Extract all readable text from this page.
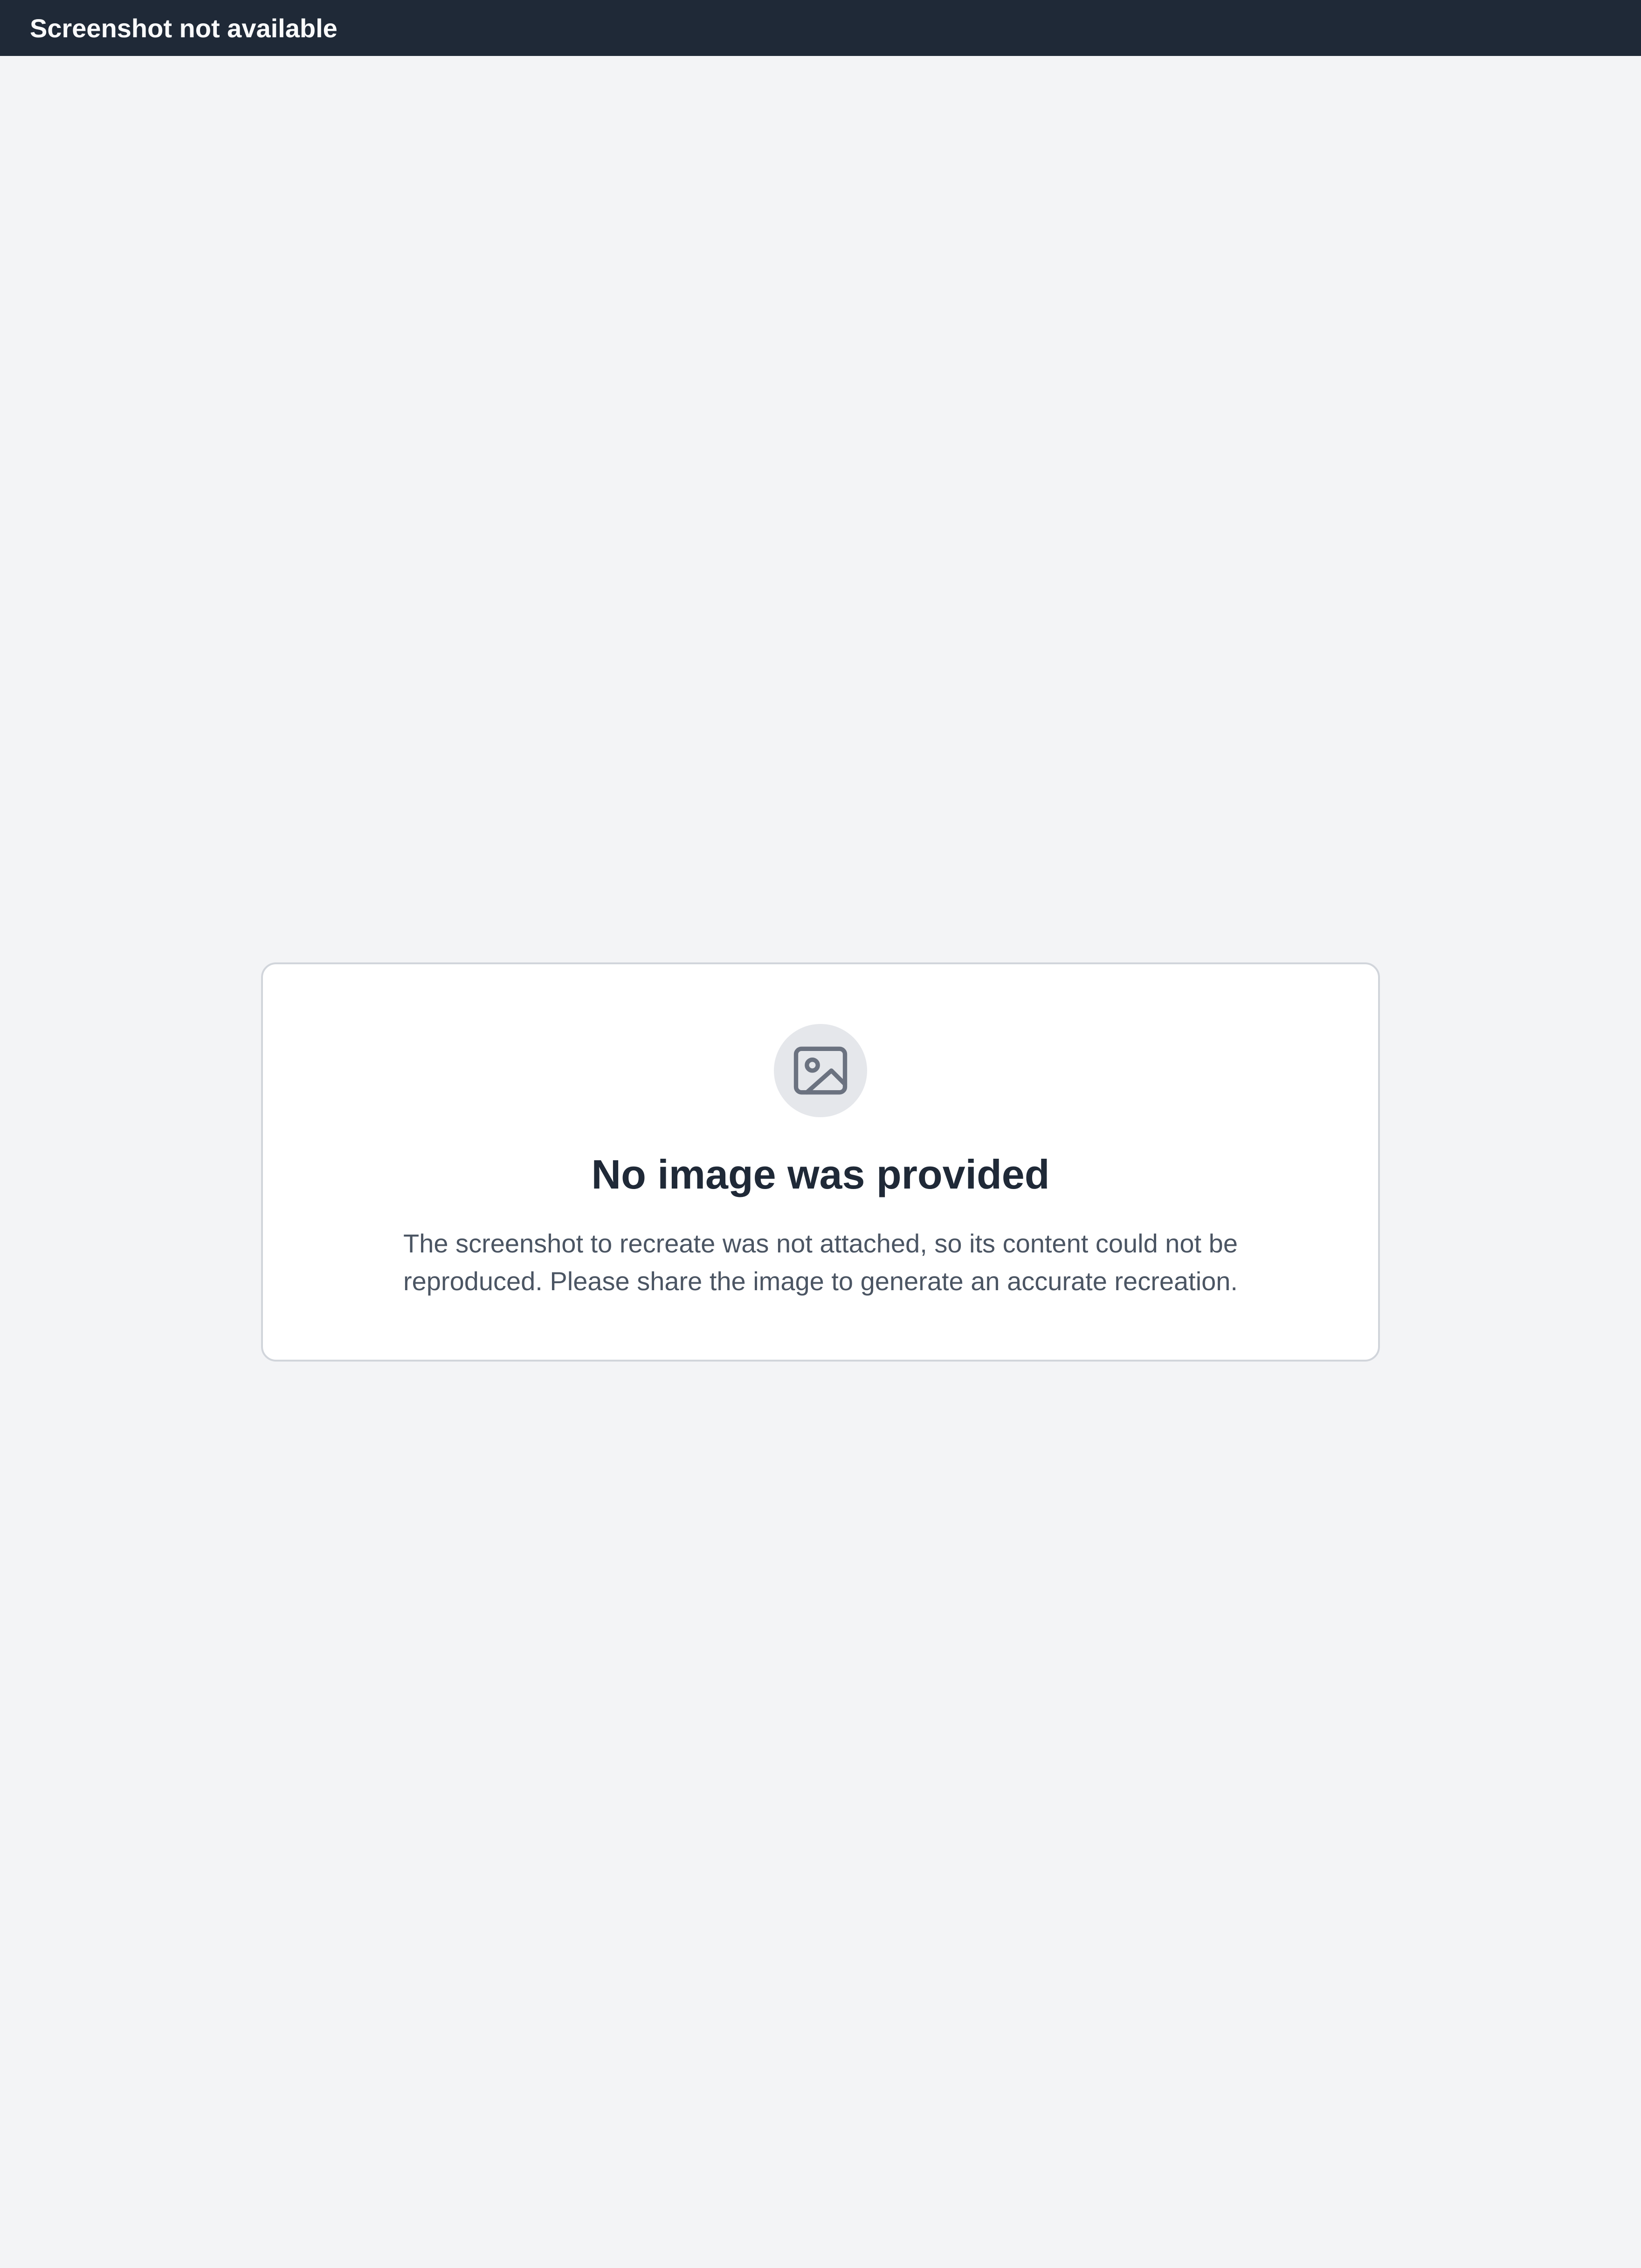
Screenshot not available

No image was provided

The screenshot to recreate was not attached, so its content could not be reproduced. Please share the image to generate an accurate recreation.
